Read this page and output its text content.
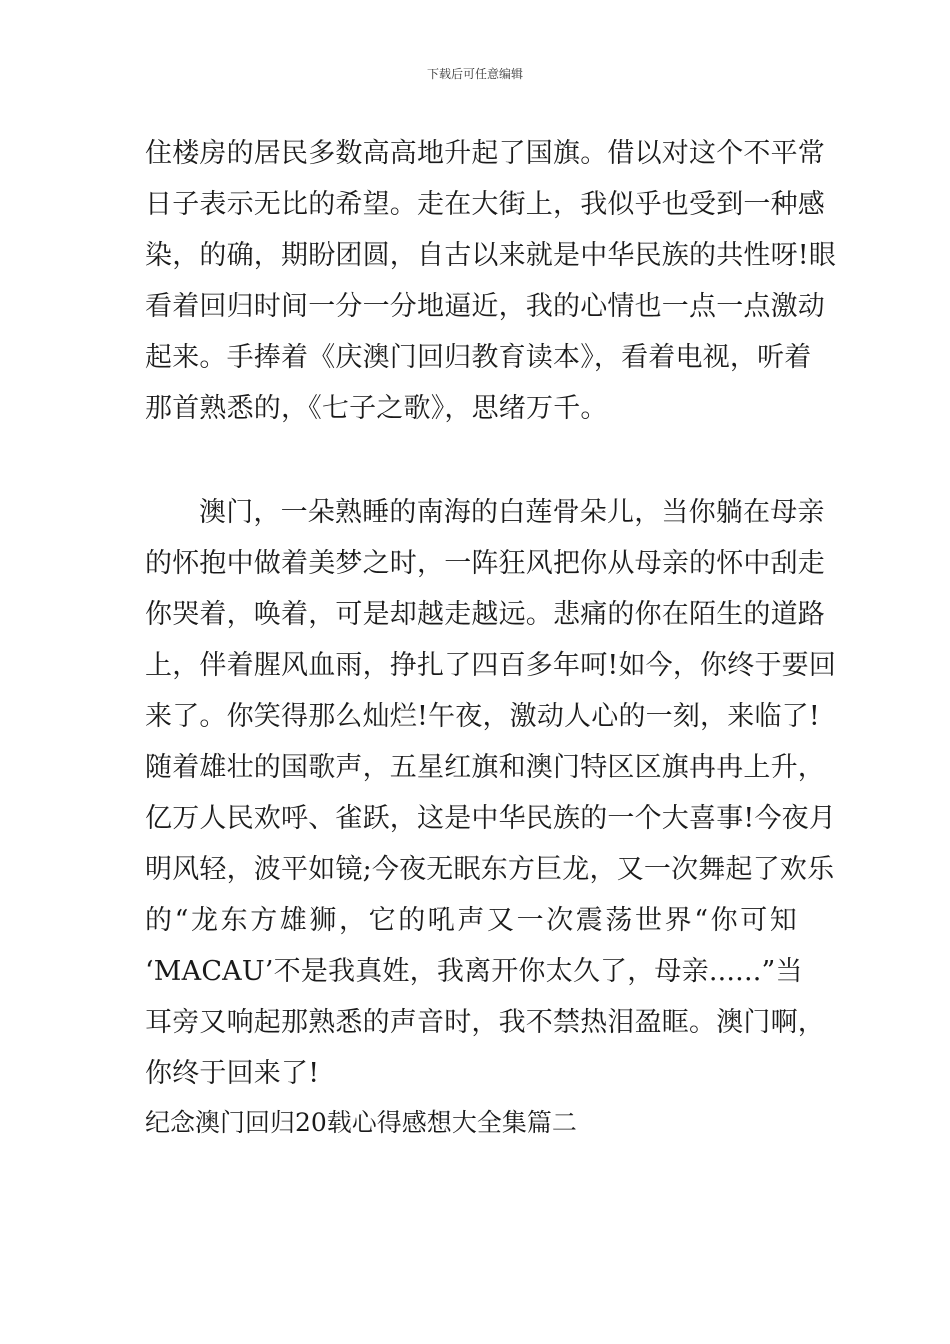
下载后可任意编辑
住楼房的居民多数高高地升起了国旗。借以对这个不平常
日子表示无比的希望。走在大街上，我似乎也受到一种感
染，的确，期盼团圆，自古以来就是中华民族的共性呀!眼
看着回归时间一分一分地逼近，我的心情也一点一点激动
起来。手捧着《庆澳门回归教育读本》，看着电视，听着
那首熟悉的，《七子之歌》，思绪万千。
澳门，一朵熟睡的南海的白莲骨朵儿，当你躺在母亲
的怀抱中做着美梦之时，一阵狂风把你从母亲的怀中刮走
你哭着，唤着，可是却越走越远。悲痛的你在陌生的道路
上，伴着腥风血雨，挣扎了四百多年呵!如今，你终于要回
来了。你笑得那么灿烂!午夜，激动人心的一刻，来临了!
随着雄壮的国歌声，五星红旗和澳门特区区旗冉冉上升，
亿万人民欢呼、雀跃，这是中华民族的一个大喜事!今夜月
明风轻，波平如镜;今夜无眠东方巨龙，又一次舞起了欢乐
的“龙东方雄狮，它的吼声又一次震荡世界“你可知
‘MACAU’不是我真姓，我离开你太久了，母亲......”当
耳旁又响起那熟悉的声音时，我不禁热泪盈眶。澳门啊，
你终于回来了!
纪念澳门回归20载心得感想大全集篇二
